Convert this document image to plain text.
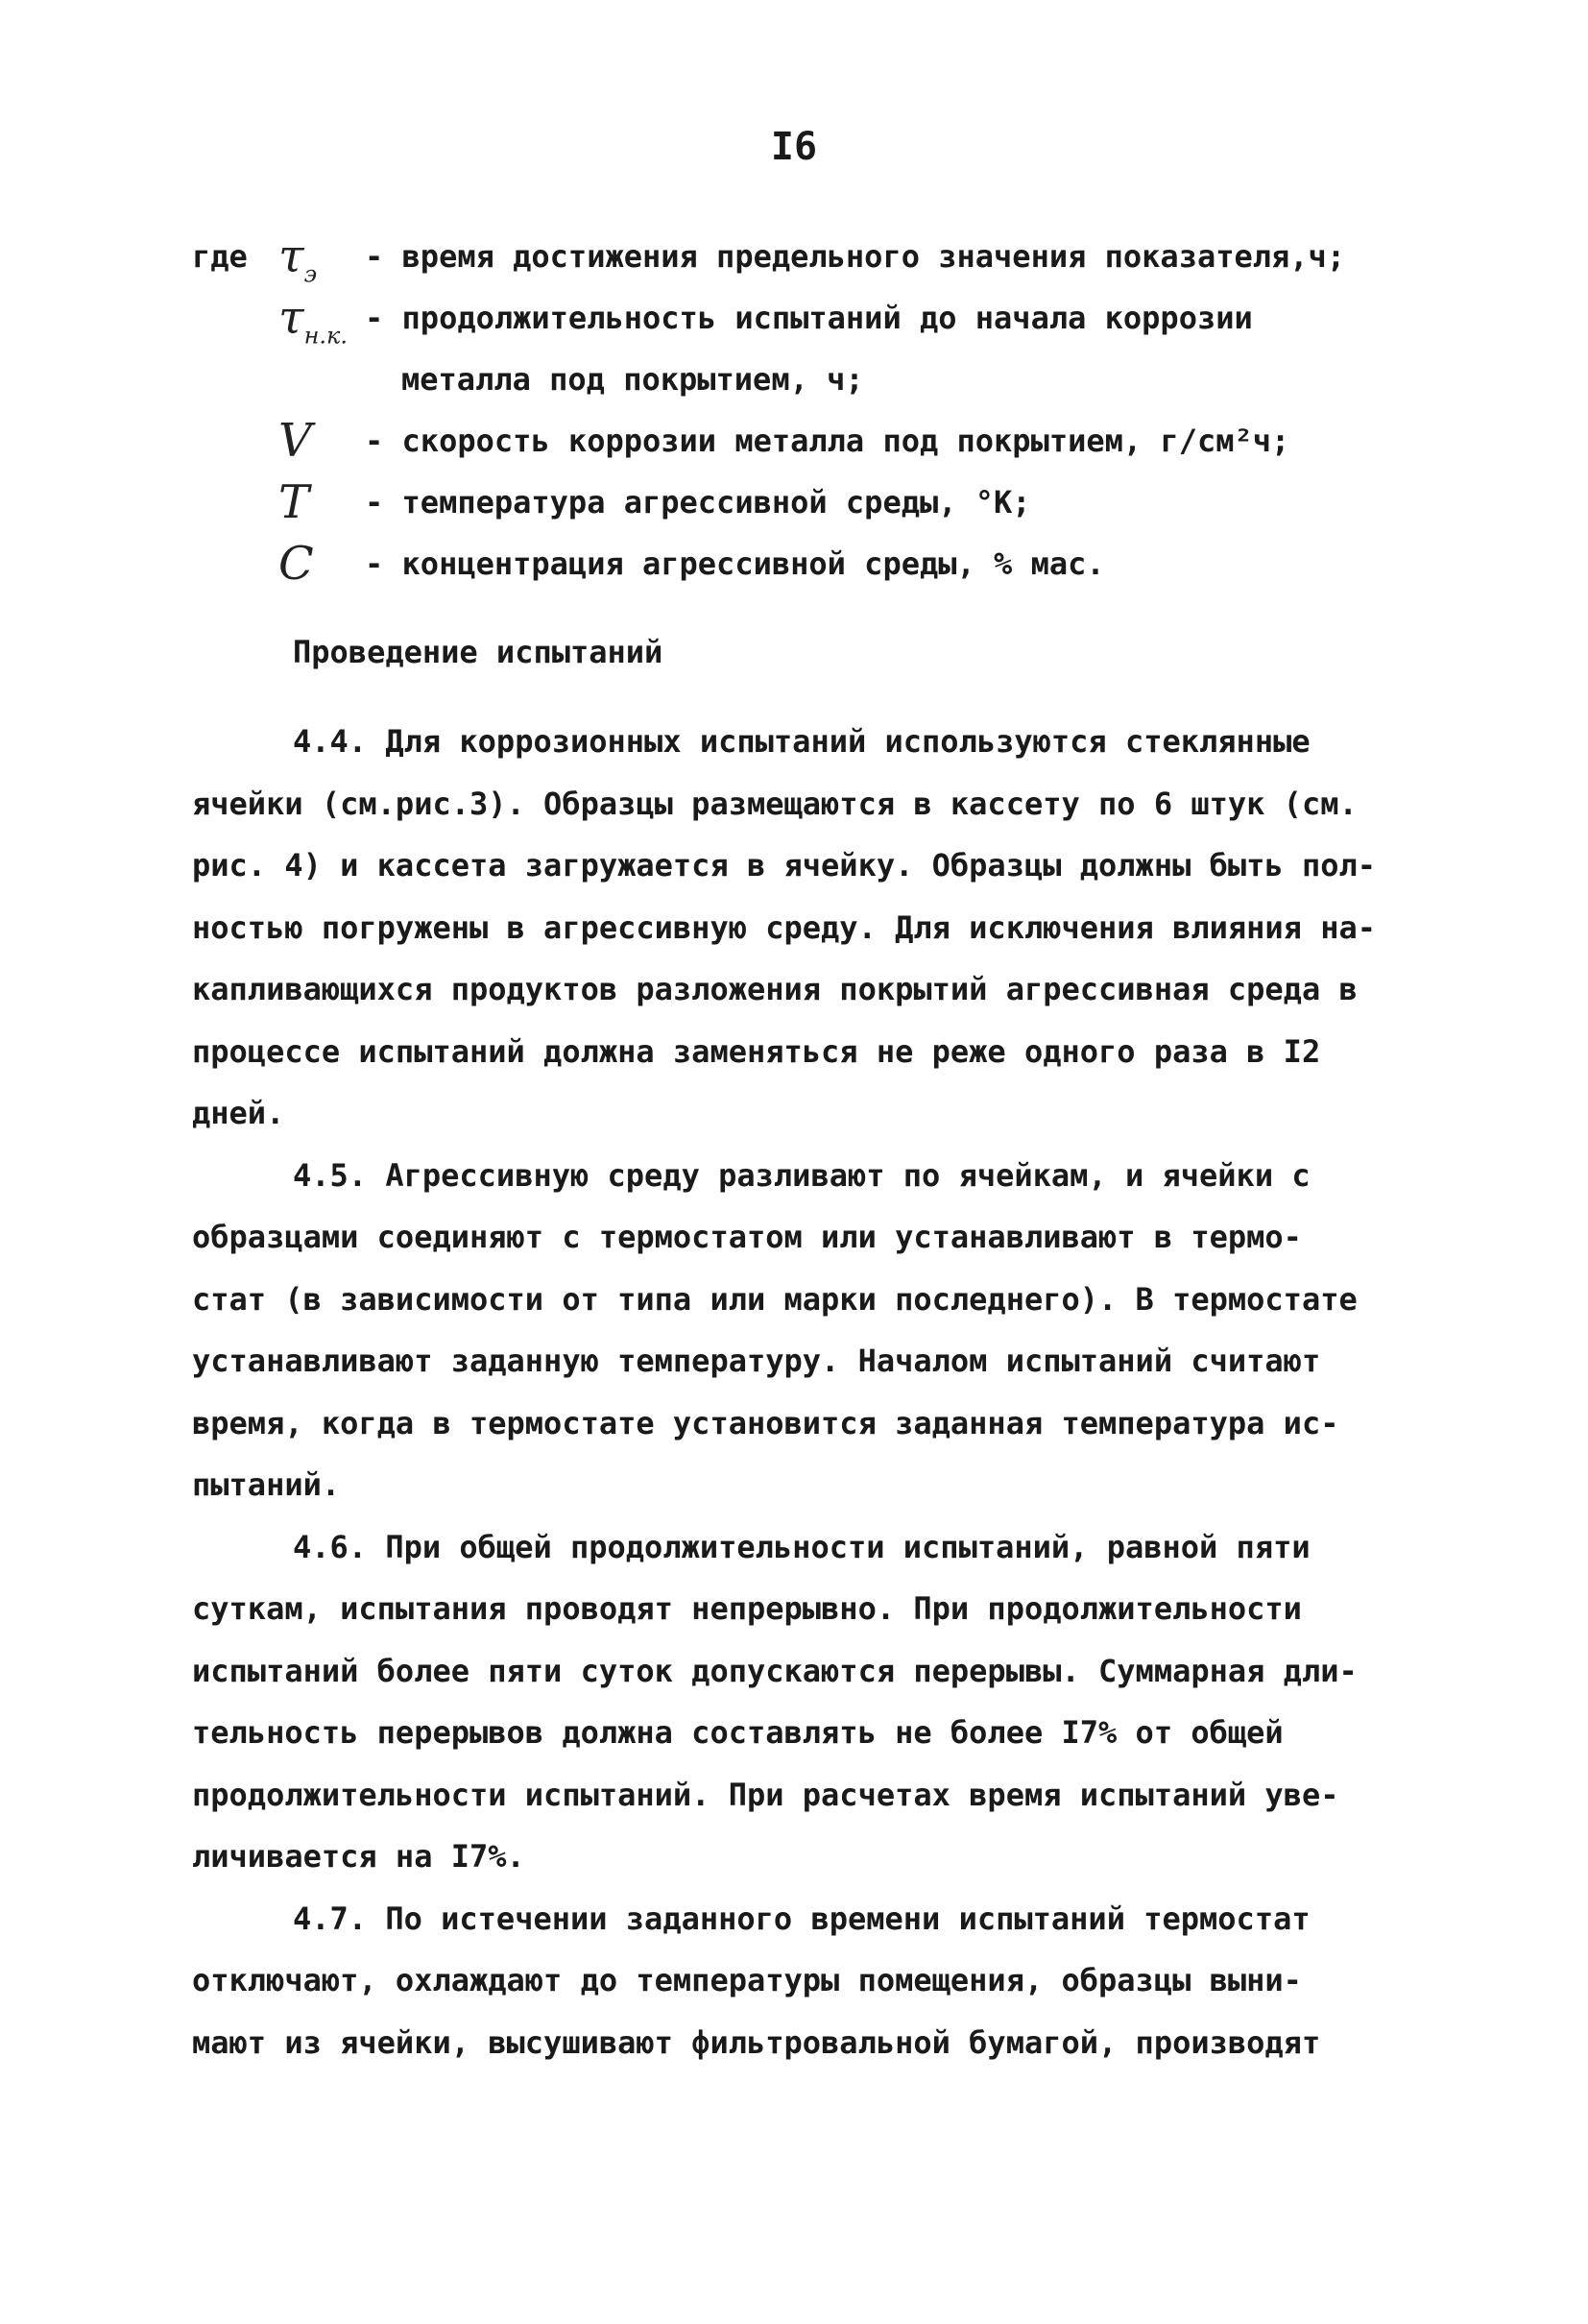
I6
где $\tau_э$ - время достижения предельного значения показателя,ч;
$\tau_{н.к.}$ - продолжительность испытаний до начала коррозии
металла под покрытием, ч;
V - скорость коррозии металла под покрытием, г/см²ч;
T - температура агрессивной среды, °К;
C - концентрация агрессивной среды, % мас.
Проведение испытаний
4.4. Для коррозионных испытаний используются стеклянные
ячейки (см.рис.3). Образцы размещаются в кассету по 6 штук (см.
рис. 4) и кассета загружается в ячейку. Образцы должны быть пол-
ностью погружены в агрессивную среду. Для исключения влияния на-
капливающихся продуктов разложения покрытий агрессивная среда в
процессе испытаний должна заменяться не реже одного раза в I2
дней.
4.5. Агрессивную среду разливают по ячейкам, и ячейки с
образцами соединяют с термостатом или устанавливают в термо-
стат (в зависимости от типа или марки последнего). В термостате
устанавливают заданную температуру. Началом испытаний считают
время, когда в термостате установится заданная температура ис-
пытаний.
4.6. При общей продолжительности испытаний, равной пяти
суткам, испытания проводят непрерывно. При продолжительности
испытаний более пяти суток допускаются перерывы. Суммарная дли-
тельность перерывов должна составлять не более I7% от общей
продолжительности испытаний. При расчетах время испытаний уве-
личивается на I7%.
4.7. По истечении заданного времени испытаний термостат
отключают, охлаждают до температуры помещения, образцы выни-
мают из ячейки, высушивают фильтровальной бумагой, производят
